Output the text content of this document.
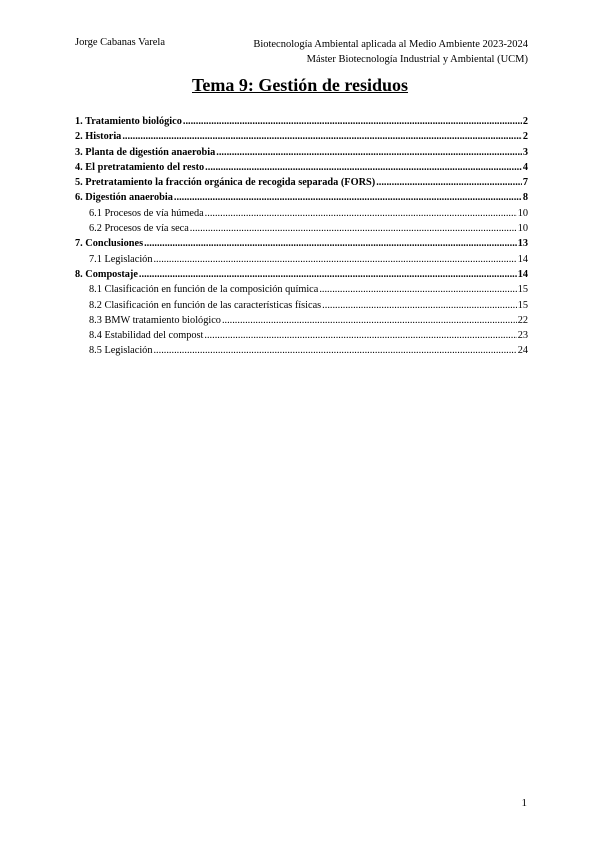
Jorge Cabanas Varela	Biotecnología Ambiental aplicada al Medio Ambiente 2023-2024
Máster Biotecnología Industrial y Ambiental (UCM)
Tema 9: Gestión de residuos
1. Tratamiento biológico .....	2
2. Historia .....	2
3. Planta de digestión anaerobia .....	3
4. El pretratamiento del resto .....	4
5. Pretratamiento la fracción orgánica de recogida separada (FORS) .....	7
6. Digestión anaerobia .....	8
6.1 Procesos de vía húmeda .....	10
6.2 Procesos de vía seca .....	10
7. Conclusiones .....	13
7.1 Legislación .....	14
8. Compostaje .....	14
8.1 Clasificación en función de la composición química .....	15
8.2 Clasificación en función de las características físicas .....	15
8.3 BMW tratamiento biológico .....	22
8.4 Estabilidad del compost .....	23
8.5 Legislación .....	24
1
